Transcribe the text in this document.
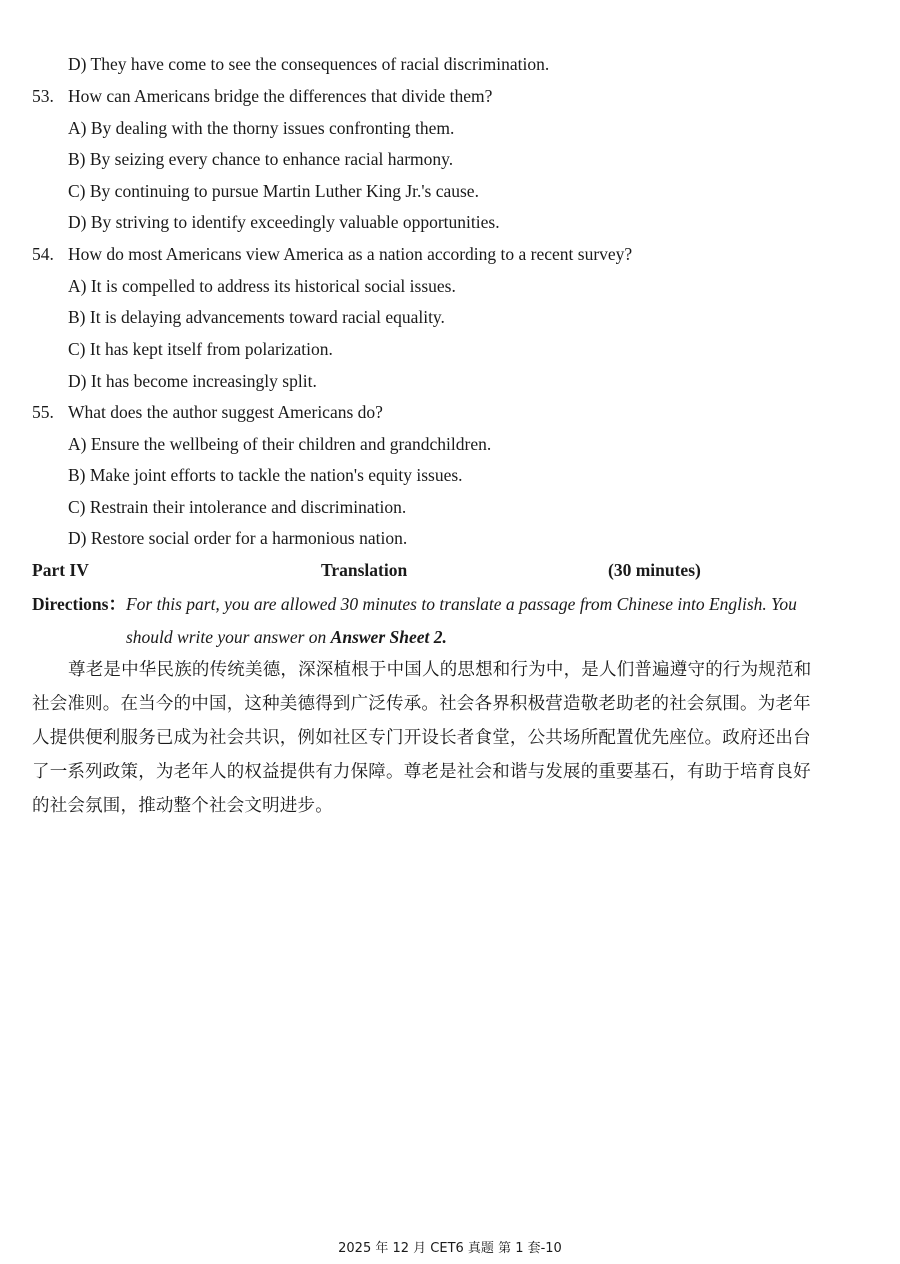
D) They have come to see the consequences of racial discrimination.
53. How can Americans bridge the differences that divide them?
A) By dealing with the thorny issues confronting them.
B) By seizing every chance to enhance racial harmony.
C) By continuing to pursue Martin Luther King Jr.'s cause.
D) By striving to identify exceedingly valuable opportunities.
54. How do most Americans view America as a nation according to a recent survey?
A) It is compelled to address its historical social issues.
B) It is delaying advancements toward racial equality.
C) It has kept itself from polarization.
D) It has become increasingly split.
55. What does the author suggest Americans do?
A) Ensure the wellbeing of their children and grandchildren.
B) Make joint efforts to tackle the nation's equity issues.
C) Restrain their intolerance and discrimination.
D) Restore social order for a harmonious nation.
Part IV	Translation	(30 minutes)
Directions：For this part, you are allowed 30 minutes to translate a passage from Chinese into English. You
should write your answer on Answer Sheet 2.
尊老是中华民族的传统美德，深深植根于中国人的思想和行为中，是人们普遍遵守的行为规范和
社会准则。在当今的中国，这种美德得到广泛传承。社会各界积极营造敬老助老的社会氛围。为老年
人提供便利服务已成为社会共识，例如社区专门开设长者食堂，公共场所配置优先座位。政府还出台
了一系列政策，为老年人的权益提供有力保障。尊老是社会和谐与发展的重要基石，有助于培育良好
的社会氛围，推动整个社会文明进步。
2025 年 12 月 CET6 真题 第 1 套-10
